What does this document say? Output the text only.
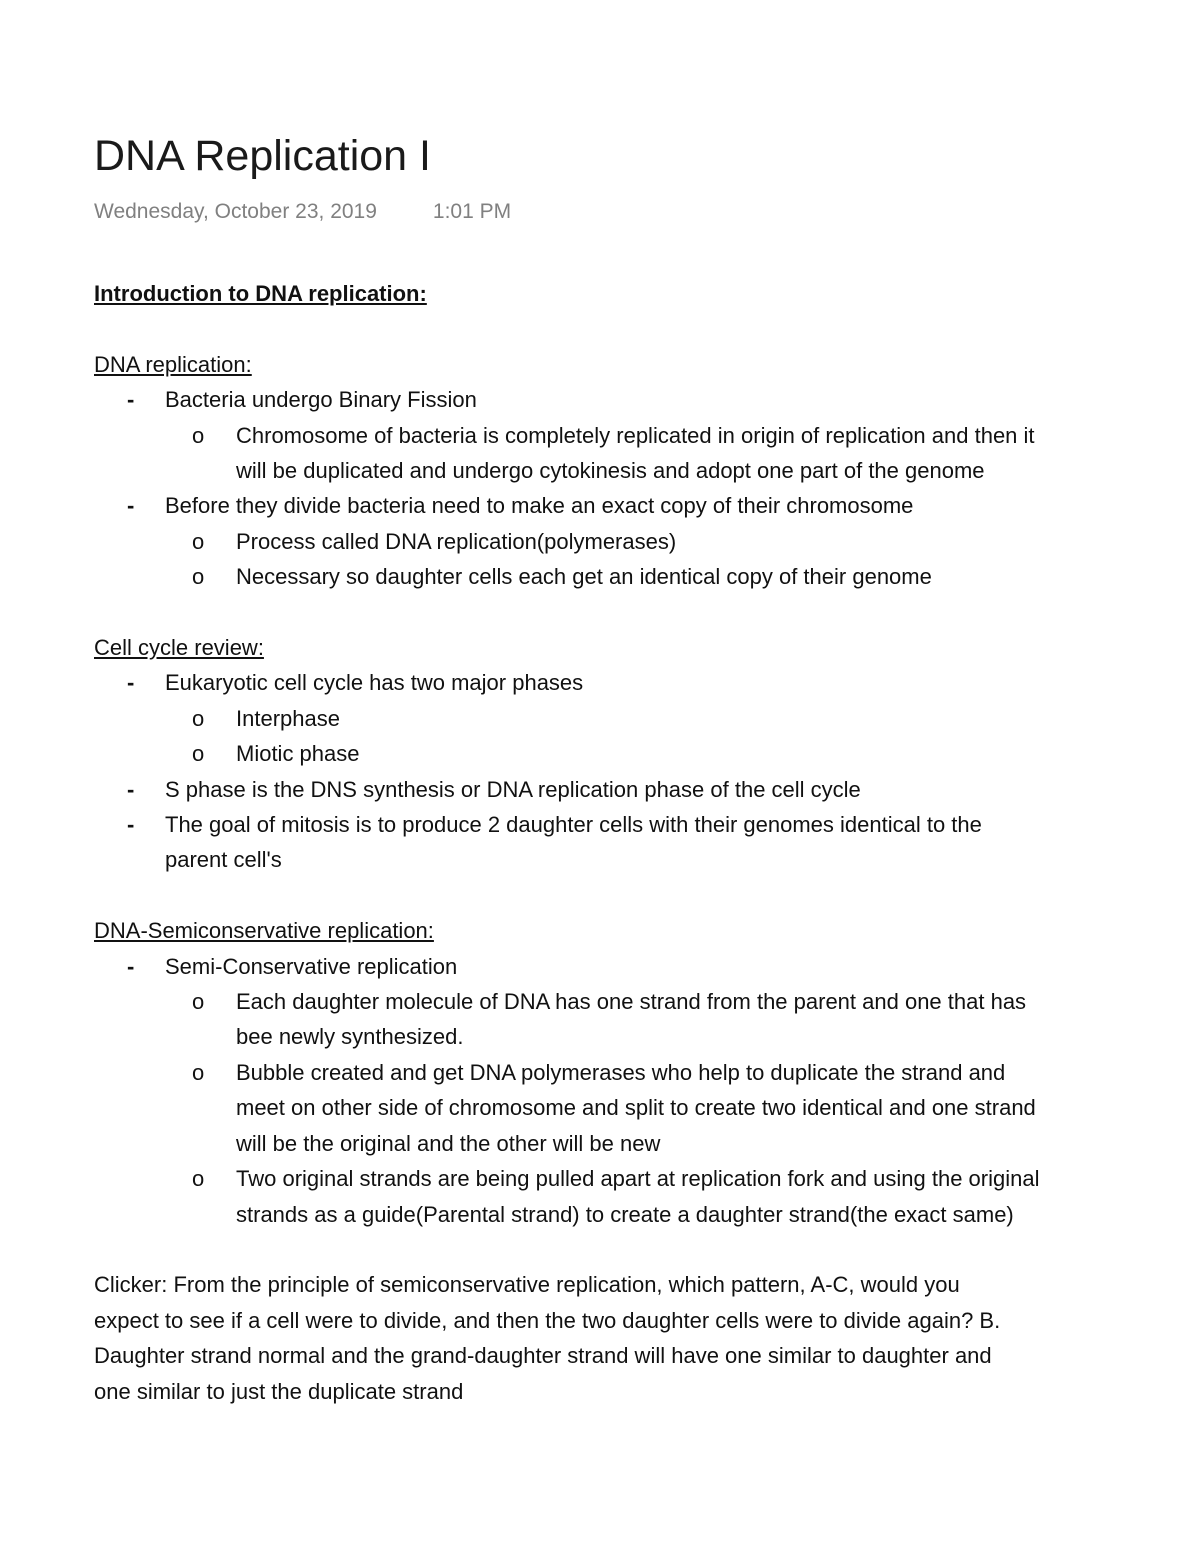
DNA Replication I
Wednesday, October 23, 2019	1:01 PM
Introduction to DNA replication:
DNA replication:
- Bacteria undergo Binary Fission
o Chromosome of bacteria is completely replicated in origin of replication and then it
will be duplicated and undergo cytokinesis and adopt one part of the genome
- Before they divide bacteria need to make an exact copy of their chromosome
o Process called DNA replication(polymerases)
o Necessary so daughter cells each get an identical copy of their genome
Cell cycle review:
- Eukaryotic cell cycle has two major phases
o Interphase
o Miotic phase
- S phase is the DNS synthesis or DNA replication phase of the cell cycle
- The goal of mitosis is to produce 2 daughter cells with their genomes identical to the
parent cell's
DNA-Semiconservative replication:
- Semi-Conservative replication
o Each daughter molecule of DNA has one strand from the parent and one that has
bee newly synthesized.
o Bubble created and get DNA polymerases who help to duplicate the strand and
meet on other side of chromosome and split to create two identical and one strand
will be the original and the other will be new
o Two original strands are being pulled apart at replication fork and using the original
strands as a guide(Parental strand) to create a daughter strand(the exact same)
Clicker: From the principle of semiconservative replication, which pattern, A-C, would you
expect to see if a cell were to divide, and then the two daughter cells were to divide again? B.
Daughter strand normal and the grand-daughter strand will have one similar to daughter and
one similar to just the duplicate strand
